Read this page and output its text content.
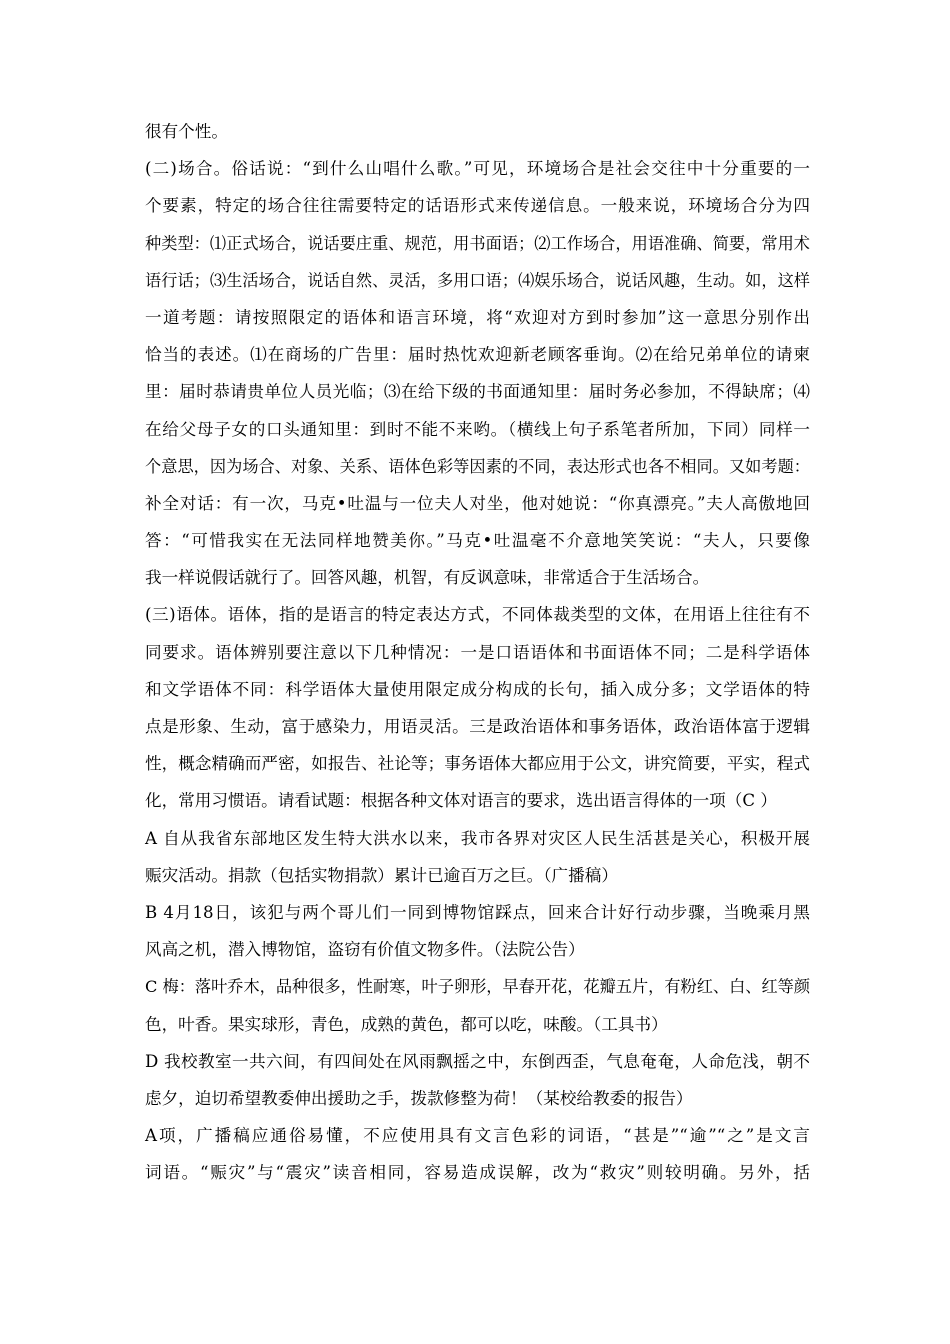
很有个性。
(二)场合。俗话说：“到什么山唱什么歌。”可见，环境场合是社会交往中十分重要的一
个要素，特定的场合往往需要特定的话语形式来传递信息。一般来说，环境场合分为四
种类型：⑴正式场合，说话要庄重、规范，用书面语；⑵工作场合，用语准确、简要，常用术
语行话；⑶生活场合，说话自然、灵活，多用口语；⑷娱乐场合，说话风趣，生动。如，这样
一道考题：请按照限定的语体和语言环境，将“欢迎对方到时参加”这一意思分别作出
恰当的表述。⑴在商场的广告里：届时热忱欢迎新老顾客垂询。⑵在给兄弟单位的请柬
里：届时恭请贵单位人员光临；⑶在给下级的书面通知里：届时务必参加，不得缺席；⑷
在给父母子女的口头通知里：到时不能不来哟。（横线上句子系笔者所加，下同）同样一
个意思，因为场合、对象、关系、语体色彩等因素的不同，表达形式也各不相同。又如考题：
补全对话：有一次，马克•吐温与一位夫人对坐，他对她说：“你真漂亮。”夫人高傲地回
答：“可惜我实在无法同样地赞美你。”马克•吐温毫不介意地笑笑说：“夫人，只要像
我一样说假话就行了。回答风趣，机智，有反讽意味，非常适合于生活场合。
(三)语体。语体，指的是语言的特定表达方式，不同体裁类型的文体，在用语上往往有不
同要求。语体辨别要注意以下几种情况：一是口语语体和书面语体不同；二是科学语体
和文学语体不同：科学语体大量使用限定成分构成的长句，插入成分多；文学语体的特
点是形象、生动，富于感染力，用语灵活。三是政治语体和事务语体，政治语体富于逻辑
性，概念精确而严密，如报告、社论等；事务语体大都应用于公文，讲究简要，平实，程式
化，常用习惯语。请看试题：根据各种文体对语言的要求，选出语言得体的一项（C ）
A 自从我省东部地区发生特大洪水以来，我市各界对灾区人民生活甚是关心，积极开展
赈灾活动。捐款（包括实物捐款）累计已逾百万之巨。（广播稿）
B 4月18日，该犯与两个哥儿们一同到博物馆踩点，回来合计好行动步骤，当晚乘月黑
风高之机，潜入博物馆，盗窃有价值文物多件。（法院公告）
C 梅：落叶乔木，品种很多，性耐寒，叶子卵形，早春开花，花瓣五片，有粉红、白、红等颜
色，叶香。果实球形，青色，成熟的黄色，都可以吃，味酸。（工具书）
D 我校教室一共六间，有四间处在风雨飘摇之中，东倒西歪，气息奄奄，人命危浅，朝不
虑夕，迫切希望教委伸出援助之手，拨款修整为荷！（某校给教委的报告）
A项，广播稿应通俗易懂，不应使用具有文言色彩的词语，“甚是”“逾”“之”是文言
词语。“赈灾”与“震灾”读音相同，容易造成误解，改为“救灾”则较明确。另外，括
